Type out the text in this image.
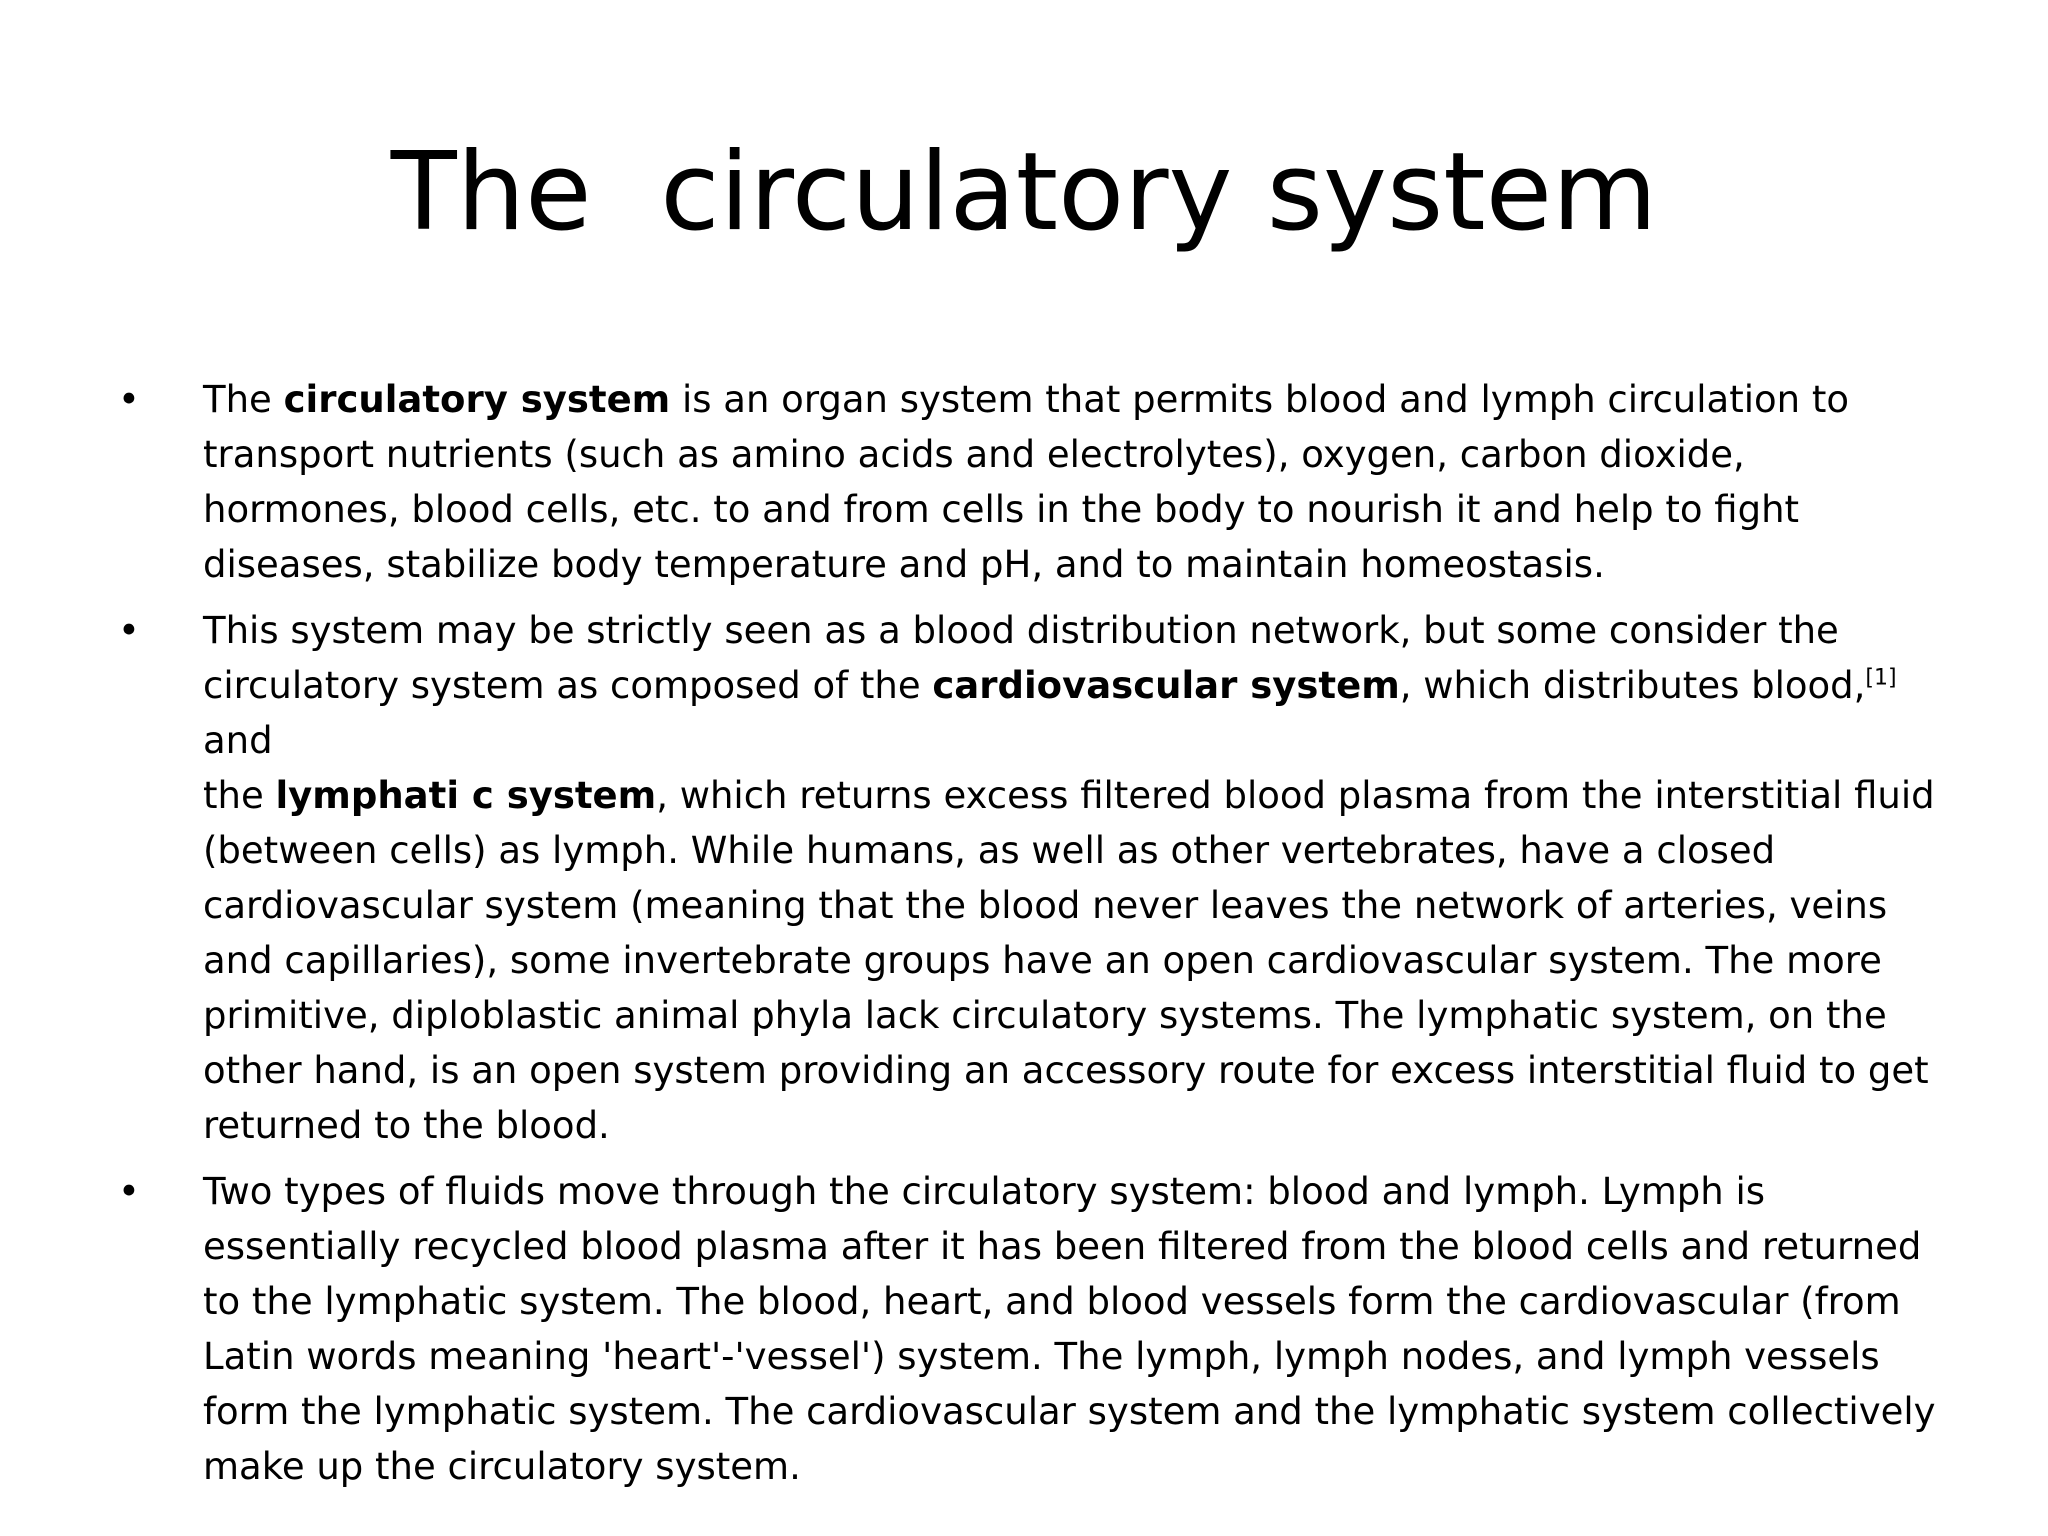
The  circulatory system
• The circulatory system is an organ system that permits blood and lymph circulation to
transport nutrients (such as amino acids and electrolytes), oxygen, carbon dioxide,
hormones, blood cells, etc. to and from cells in the body to nourish it and help to fight
diseases, stabilize body temperature and pH, and to maintain homeostasis.
• This system may be strictly seen as a blood distribution network, but some consider the
circulatory system as composed of the cardiovascular system, which distributes blood,[1] and
the lymphati c system, which returns excess filtered blood plasma from the interstitial fluid
(between cells) as lymph. While humans, as well as other vertebrates, have a closed
cardiovascular system (meaning that the blood never leaves the network of arteries, veins
and capillaries), some invertebrate groups have an open cardiovascular system. The more
primitive, diploblastic animal phyla lack circulatory systems. The lymphatic system, on the
other hand, is an open system providing an accessory route for excess interstitial fluid to get
returned to the blood.
• Two types of fluids move through the circulatory system: blood and lymph. Lymph is
essentially recycled blood plasma after it has been filtered from the blood cells and returned
to the lymphatic system. The blood, heart, and blood vessels form the cardiovascular (from
Latin words meaning 'heart'-'vessel') system. The lymph, lymph nodes, and lymph vessels
form the lymphatic system. The cardiovascular system and the lymphatic system collectively
make up the circulatory system.
